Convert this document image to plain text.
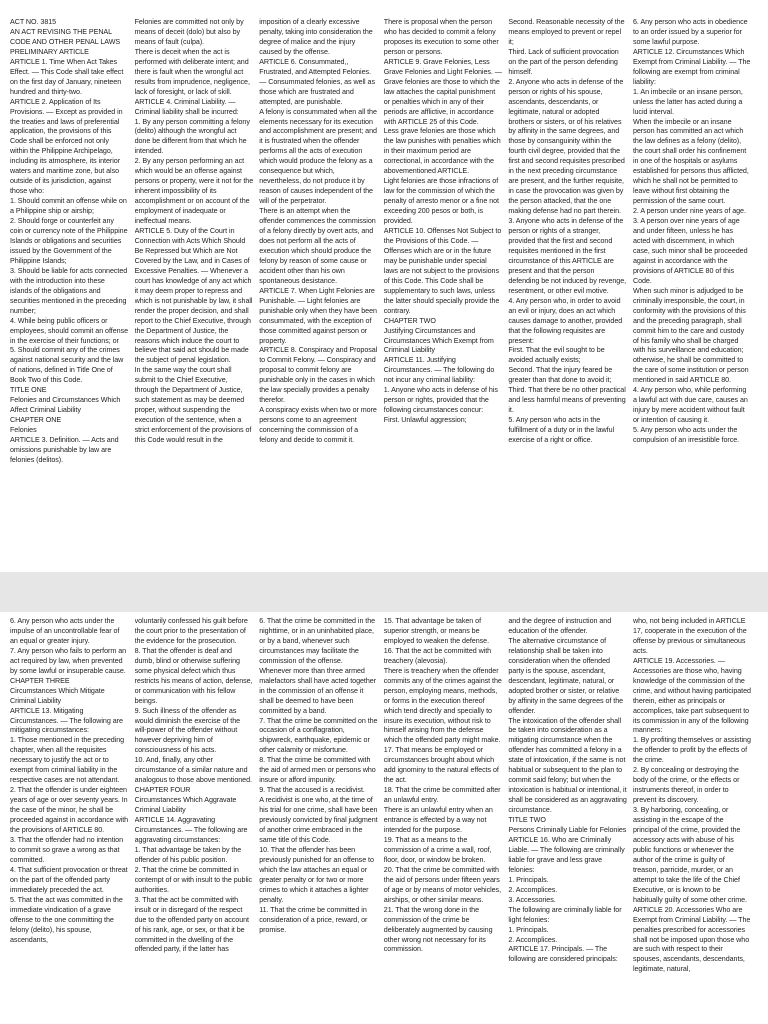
ACT NO. 3815
AN ACT REVISING THE PENAL CODE AND OTHER PENAL LAWS
PRELIMINARY ARTICLE
ARTICLE 1. Time When Act Takes Effect. — This Code shall take effect on the first day of January, nineteen hundred and thirty-two.
ARTICLE 2. Application of Its Provisions. — Except as provided in the treaties and laws of preferential application, the provisions of this Code shall be enforced not only within the Philippine Archipelago, including its atmosphere, its interior waters and maritime zone, but also outside of its jurisdiction, against those who:
1. Should commit an offense while on a Philippine ship or airship;
2. Should forge or counterfeit any coin or currency note of the Philippine Islands or obligations and securities issued by the Government of the Philippine Islands;
3. Should be liable for acts connected with the introduction into these islands of the obligations and securities mentioned in the preceding number;
4. While being public officers or employees, should commit an offense in the exercise of their functions; or
5. Should commit any of the crimes against national security and the law of nations, defined in Title One of Book Two of this Code.
TITLE ONE
Felonies and Circumstances Which Affect Criminal Liability
CHAPTER ONE
Felonies
ARTICLE 3. Definition. — Acts and omissions punishable by law are felonies (delitos).

Felonies are committed not only by means of deceit (dolo) but also by means of fault (culpa).
There is deceit when the act is performed with deliberate intent; and there is fault when the wrongful act results from imprudence, negligence, lack of foresight, or lack of skill.
ARTICLE 4. Criminal Liability. — Criminal liability shall be incurred:
1. By any person committing a felony (delito) although the wrongful act done be different from that which he intended.
2. By any person performing an act which would be an offense against persons or property, were it not for the inherent impossibility of its accomplishment or on account of the employment of inadequate or ineffectual means.
ARTICLE 5. Duty of the Court in Connection with Acts Which Should Be Repressed but Which are Not Covered by the Law, and in Cases of Excessive Penalties. — Whenever a court has knowledge of any act which it may deem proper to repress and which is not punishable by law, it shall render the proper decision, and shall report to the Chief Executive, through the Department of Justice, the reasons which induce the court to believe that said act should be made the subject of penal legislation.
In the same way the court shall submit to the Chief Executive, through the Department of Justice, such statement as may be deemed proper, without suspending the execution of the sentence, when a strict enforcement of the provisions of this Code would result in the

imposition of a clearly excessive penalty, taking into consideration the degree of malice and the injury caused by the offense.
ARTICLE 6. Consummated,, Frustrated, and Attempted Felonies. — Consummated felonies, as well as those which are frustrated and attempted, are punishable.
A felony is consummated when all the elements necessary for its execution and accomplishment are present; and it is frustrated when the offender performs all the acts of execution which would produce the felony as a consequence but which, nevertheless, do not produce it by reason of causes independent of the will of the perpetrator.
There is an attempt when the offender commences the commission of a felony directly by overt acts, and does not perform all the acts of execution which should produce the felony by reason of some cause or accident other than his own spontaneous desistance.
ARTICLE 7. When Light Felonies are Punishable. — Light felonies are punishable only when they have been consummated, with the exception of those committed against person or property.
ARTICLE 8. Conspiracy and Proposal to Commit Felony. — Conspiracy and proposal to commit felony are punishable only in the cases in which the law specially provides a penalty therefor.
A conspiracy exists when two or more persons come to an agreement concerning the commission of a felony and decide to commit it.

There is proposal when the person who has decided to commit a felony proposes its execution to some other person or persons.
ARTICLE 9. Grave Felonies, Less Grave Felonies and Light Felonies. — Grave felonies are those to which the law attaches the capital punishment or penalties which in any of their periods are afflictive, in accordance with ARTICLE 25 of this Code.
Less grave felonies are those which the law punishes with penalties which in their maximum period are correctional, in accordance with the abovementioned ARTICLE.
Light felonies are those infractions of law for the commission of which the penalty of arresto menor or a fine not exceeding 200 pesos or both, is provided.
ARTICLE 10. Offenses Not Subject to the Provisions of this Code. — Offenses which are or in the future may be punishable under special laws are not subject to the provisions of this Code. This Code shall be supplementary to such laws, unless the latter should specially provide the contrary.
CHAPTER TWO
Justifying Circumstances and Circumstances Which Exempt from Criminal Liability
ARTICLE 11. Justifying Circumstances. — The following do not incur any criminal liability:
1. Anyone who acts in defense of his person or rights, provided that the following circumstances concur:
First. Unlawful aggression;

Second. Reasonable necessity of the means employed to prevent or repel it;
Third. Lack of sufficient provocation on the part of the person defending himself.
2. Anyone who acts in defense of the person or rights of his spouse, ascendants, descendants, or legitimate, natural or adopted brothers or sisters, or of his relatives by affinity in the same degrees, and those by consanguinity within the fourth civil degree, provided that the first and second requisites prescribed in the next preceding circumstance are present, and the further requisite, in case the provocation was given by the person attacked, that the one making defense had no part therein.
3. Anyone who acts in defense of the person or rights of a stranger, provided that the first and second requisites mentioned in the first circumstance of this ARTICLE are present and that the person defending be not induced by revenge, resentment, or other evil motive.
4. Any person who, in order to avoid an evil or injury, does an act which causes damage to another, provided that the following requisites are present:
First. That the evil sought to be avoided actually exists;
Second. That the injury feared be greater than that done to avoid it;
Third. That there be no other practical and less harmful means of preventing it.
5. Any person who acts in the fulfillment of a duty or in the lawful exercise of a right or office.

6. Any person who acts in obedience to an order issued by a superior for some lawful purpose.
ARTICLE 12. Circumstances Which Exempt from Criminal Liability. — The following are exempt from criminal liability:
1. An imbecile or an insane person, unless the latter has acted during a lucid interval.
When the imbecile or an insane person has committed an act which the law defines as a felony (delito), the court shall order his confinement in one of the hospitals or asylums established for persons thus afflicted, which he shall not be permitted to leave without first obtaining the permission of the same court.
2. A person under nine years of age.
3. A person over nine years of age and under fifteen, unless he has acted with discernment, in which case, such minor shall be proceeded against in accordance with the provisions of ARTICLE 80 of this Code.
When such minor is adjudged to be criminally irresponsible, the court, in conformity with the provisions of this and the preceding paragraph, shall commit him to the care and custody of his family who shall be charged with his surveillance and education; otherwise, he shall be committed to the care of some institution or person mentioned in said ARTICLE 80.
4. Any person who, while performing a lawful act with due care, causes an injury by mere accident without fault or intention of causing it.
5. Any person who acts under the compulsion of an irresistible force.

6. Any person who acts under the impulse of an uncontrollable fear of an equal or greater injury.
7. Any person who fails to perform an act required by law, when prevented by some lawful or insuperable cause.
CHAPTER THREE
Circumstances Which Mitigate Criminal Liability
ARTICLE 13. Mitigating Circumstances. — The following are mitigating circumstances:
1. Those mentioned in the preceding chapter, when all the requisites necessary to justify the act or to exempt from criminal liability in the respective cases are not attendant.
2. That the offender is under eighteen years of age or over seventy years. In the case of the minor, he shall be proceeded against in accordance with the provisions of ARTICLE 80.
3. That the offender had no intention to commit so grave a wrong as that committed.
4. That sufficient provocation or threat on the part of the offended party immediately preceded the act.
5. That the act was committed in the immediate vindication of a grave offense to the one committing the felony (delito), his spouse, ascendants,

voluntarily confessed his guilt before the court prior to the presentation of the evidence for the prosecution.
8. That the offender is deaf and dumb, blind or otherwise suffering some physical defect which thus restricts his means of action, defense, or communication with his fellow beings.
9. Such illness of the offender as would diminish the exercise of the will-power of the offender without however depriving him of consciousness of his acts.
10. And, finally, any other circumstance of a similar nature and analogous to those above mentioned.
CHAPTER FOUR
Circumstances Which Aggravate Criminal Liability
ARTICLE 14. Aggravating Circumstances. — The following are aggravating circumstances:
1. That advantage be taken by the offender of his public position.
2. That the crime be committed in contempt of or with insult to the public authorities.
3. That the act be committed with insult or in disregard of the respect due to the offended party on account of his rank, age, or sex, or that it be committed in the dwelling of the offended party, if the latter has

6. That the crime be committed in the nighttime, or in an uninhabited place, or by a band, whenever such circumstances may facilitate the commission of the offense.
Whenever more than three armed malefactors shall have acted together in the commission of an offense it shall be deemed to have been committed by a band.
7. That the crime be committed on the occasion of a conflagration, shipwreck, earthquake, epidemic or other calamity or misfortune.
8. That the crime be committed with the aid of armed men or persons who insure or afford impunity.
9. That the accused is a recidivist.
A recidivist is one who, at the time of his trial for one crime, shall have been previously convicted by final judgment of another crime embraced in the same title of this Code.
10. That the offender has been previously punished for an offense to which the law attaches an equal or greater penalty or for two or more crimes to which it attaches a lighter penalty.
11. That the crime be committed in consideration of a price, reward, or promise.

15. That advantage be taken of superior strength, or means be employed to weaken the defense.
16. That the act be committed with treachery (alevosia).
There is treachery when the offender commits any of the crimes against the person, employing means, methods, or forms in the execution thereof which tend directly and specially to insure its execution, without risk to himself arising from the defense which the offended party might make.
17. That means be employed or circumstances brought about which add ignominy to the natural effects of the act.
18. That the crime be committed after an unlawful entry.
There is an unlawful entry when an entrance is effected by a way not intended for the purpose.
19. That as a means to the commission of a crime a wall, roof, floor, door, or window be broken.
20. That the crime be committed with the aid of persons under fifteen years of age or by means of motor vehicles, airships, or other similar means.
21. That the wrong done in the commission of the crime be deliberately augmented by causing other wrong not necessary for its commission.

and the degree of instruction and education of the offender.
The alternative circumstance of relationship shall be taken into consideration when the offended party is the spouse, ascendant, descendant, legitimate, natural, or adopted brother or sister, or relative by affinity in the same degrees of the offender.
The intoxication of the offender shall be taken into consideration as a mitigating circumstance when the offender has committed a felony in a state of intoxication, if the same is not habitual or subsequent to the plan to commit said felony; but when the intoxication is habitual or intentional, it shall be considered as an aggravating circumstance.
TITLE TWO
Persons Criminally Liable for Felonies
ARTICLE 16. Who are Criminally Liable. — The following are criminally liable for grave and less grave felonies:
1. Principals.
2. Accomplices.
3. Accessories.
The following are criminally liable for light felonies:
1. Principals.
2. Accomplices.
ARTICLE 17. Principals. — The following are considered principals:

who, not being included in ARTICLE 17, cooperate in the execution of the offense by previous or simultaneous acts.
ARTICLE 19. Accessories. — Accessories are those who, having knowledge of the commission of the crime, and without having participated therein, either as principals or accomplices, take part subsequent to its commission in any of the following manners:
1. By profiting themselves or assisting the offender to profit by the effects of the crime.
2. By concealing or destroying the body of the crime, or the effects or instruments thereof, in order to prevent its discovery.
3. By harboring, concealing, or assisting in the escape of the principal of the crime, provided the accessory acts with abuse of his public functions or whenever the author of the crime is guilty of treason, parricide, murder, or an attempt to take the life of the Chief Executive, or is known to be habitually guilty of some other crime.
ARTICLE 20. Accessories Who are Exempt from Criminal Liability. — The penalties prescribed for accessories shall not be imposed upon those who are such with respect to their spouses, ascendants, descendants, legitimate, natural,
